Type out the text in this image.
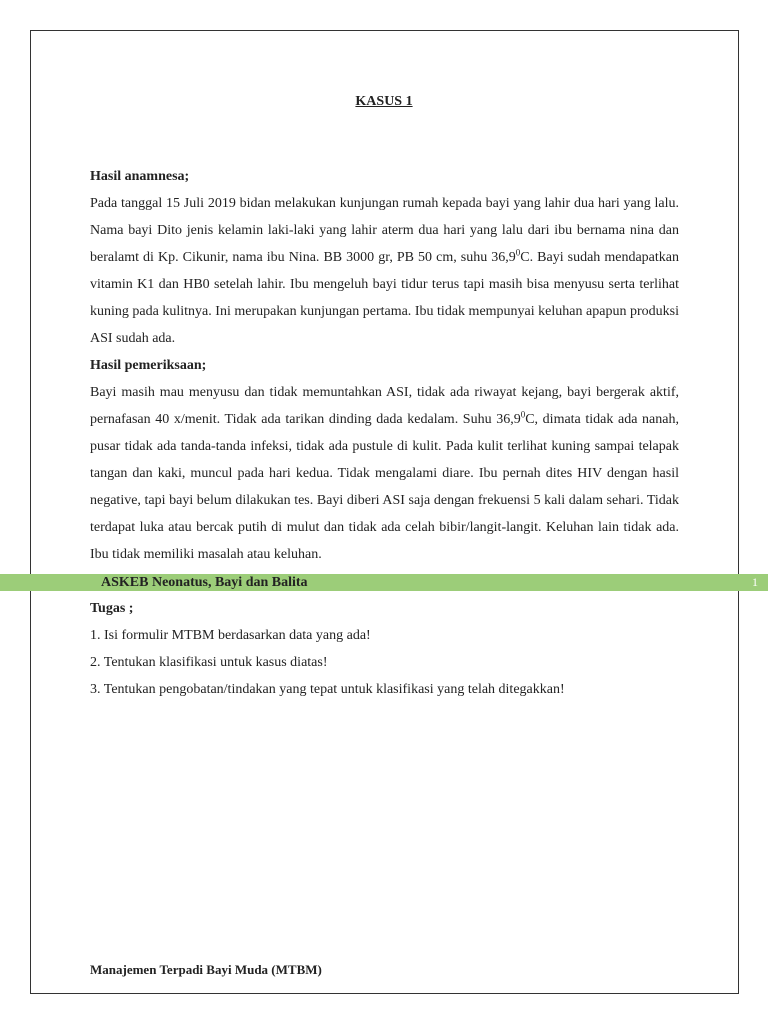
KASUS 1

Hasil anamnesa;

Pada tanggal 15 Juli 2019 bidan melakukan kunjungan rumah kepada bayi yang lahir dua hari yang lalu. Nama bayi Dito jenis kelamin laki-laki yang lahir aterm dua hari yang lalu dari ibu bernama nina dan beralamt di Kp. Cikunir, nama ibu Nina. BB 3000 gr, PB 50 cm, suhu 36,9$^0$C. Bayi sudah mendapatkan vitamin K1 dan HB0 setelah lahir. Ibu mengeluh bayi tidur terus tapi masih bisa menyusu serta terlihat kuning pada kulitnya. Ini merupakan kunjungan pertama. Ibu tidak mempunyai keluhan apapun produksi ASI sudah ada.

Hasil pemeriksaan;

Bayi masih mau menyusu dan tidak memuntahkan ASI, tidak ada riwayat kejang, bayi bergerak aktif, pernafasan 40 x/menit. Tidak ada tarikan dinding dada kedalam. Suhu 36,9$^0$C, dimata tidak ada nanah, pusar tidak ada tanda-tanda infeksi, tidak ada pustule di kulit. Pada kulit terlihat kuning sampai telapak tangan dan kaki, muncul pada hari kedua. Tidak mengalami diare. Ibu pernah dites HIV dengan hasil negative, tapi bayi belum dilakukan tes. Bayi diberi ASI saja dengan frekuensi 5 kali dalam sehari. Tidak terdapat luka atau bercak putih di mulut dan tidak ada celah bibir/langit-langit. Keluhan lain tidak ada. Ibu tidak memiliki masalah atau keluhan.

Tugas ;

1. Isi formulir MTBM berdasarkan data yang ada!
2. Tentukan klasifikasi untuk kasus diatas!
3. Tentukan pengobatan/tindakan yang tepat untuk klasifikasi yang telah ditegakkan!
ASKEB Neonatus, Bayi dan Balita	1
Manajemen Terpadi Bayi Muda (MTBM)
